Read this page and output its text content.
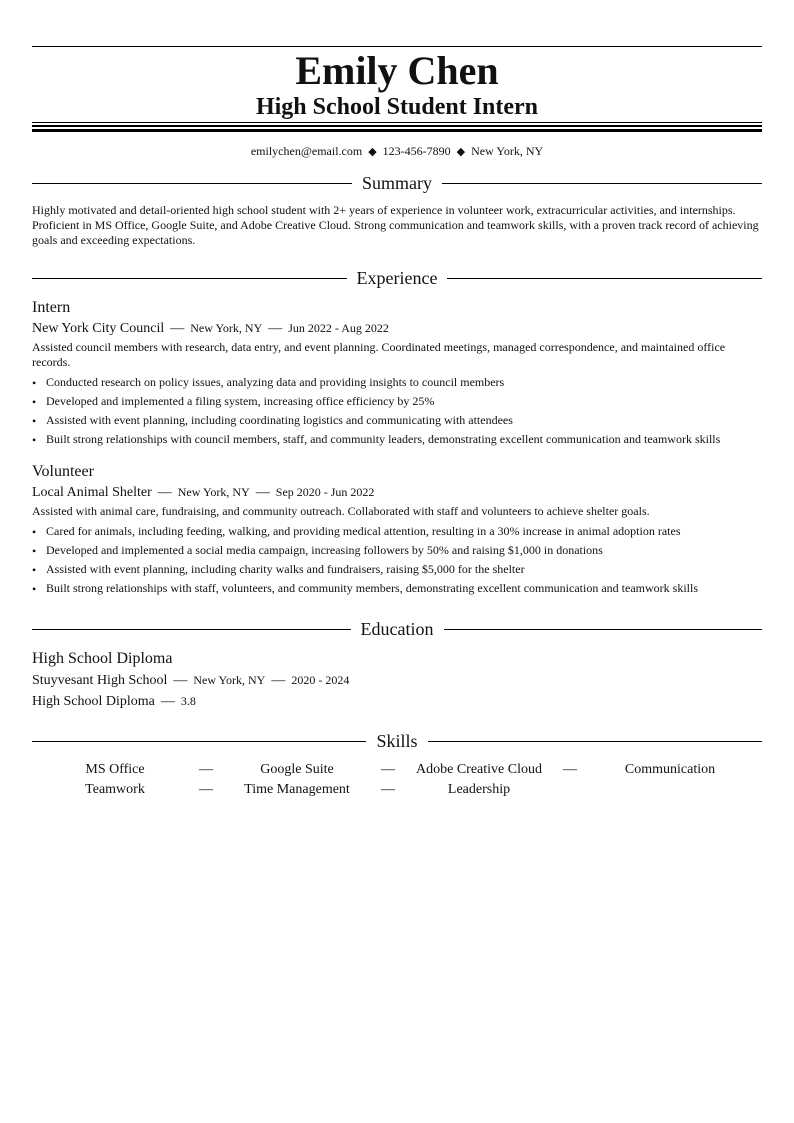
Emily Chen
High School Student Intern
emilychen@email.com ◆ 123-456-7890 ◆ New York, NY
Summary
Highly motivated and detail-oriented high school student with 2+ years of experience in volunteer work, extracurricular activities, and internships. Proficient in MS Office, Google Suite, and Adobe Creative Cloud. Strong communication and teamwork skills, with a proven track record of achieving goals and exceeding expectations.
Experience
Intern
New York City Council — New York, NY — Jun 2022 - Aug 2022
Assisted council members with research, data entry, and event planning. Coordinated meetings, managed correspondence, and maintained office records.
• Conducted research on policy issues, analyzing data and providing insights to council members
• Developed and implemented a filing system, increasing office efficiency by 25%
• Assisted with event planning, including coordinating logistics and communicating with attendees
• Built strong relationships with council members, staff, and community leaders, demonstrating excellent communication and teamwork skills
Volunteer
Local Animal Shelter — New York, NY — Sep 2020 - Jun 2022
Assisted with animal care, fundraising, and community outreach. Collaborated with staff and volunteers to achieve shelter goals.
• Cared for animals, including feeding, walking, and providing medical attention, resulting in a 30% increase in animal adoption rates
• Developed and implemented a social media campaign, increasing followers by 50% and raising $1,000 in donations
• Assisted with event planning, including charity walks and fundraisers, raising $5,000 for the shelter
• Built strong relationships with staff, volunteers, and community members, demonstrating excellent communication and teamwork skills
Education
High School Diploma
Stuyvesant High School — New York, NY — 2020 - 2024
High School Diploma — 3.8
Skills
MS Office	—	Google Suite	—	Adobe Creative Cloud	—	Communication
Teamwork	—	Time Management	—	Leadership
